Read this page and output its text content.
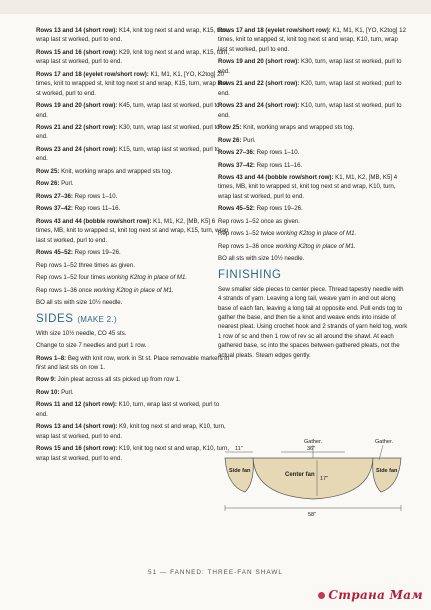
Rows 13 and 14 (short row): K14, knit tog next st and wrap, K15, turn, wrap last st worked, purl to end.
Rows 15 and 16 (short row): K29, knit tog next st and wrap, K15, turn, wrap last st worked, purl to end.
Rows 17 and 18 (eyelet row/short row): K1, M1, K1, [YO, K2tog] 20 times, knit to wrapped st, knit tog next st and wrap, K15, turn, wrap last st worked, purl to end.
Rows 19 and 20 (short row): K45, turn, wrap last st worked, purl to end.
Rows 21 and 22 (short row): K30, turn, wrap last st worked, purl to end.
Rows 23 and 24 (short row): K15, turn, wrap last st worked, purl to end.
Row 25: Knit, working wraps and wrapped sts tog.
Row 26: Purl.
Rows 27–36: Rep rows 1–10.
Rows 37–42: Rep rows 11–16.
Rows 43 and 44 (bobble row/short row): K1, M1, K2, [MB, K5] 6 times, MB, knit to wrapped st, knit tog next st and wrap, K15, turn, wrap last st worked, purl to end.
Rows 45–52: Rep rows 19–26.
Rep rows 1–52 three times as given.
Rep rows 1–52 four times working K2tog in place of M1.
Rep rows 1–36 once working K2tog in place of M1.
BO all sts with size 10½ needle.
SIDES (MAKE 2.)
With size 10½ needle, CO 45 sts.
Change to size 7 needles and purl 1 row.
Rows 1–8: Beg with knit row, work in St st. Place removable markers in first and last sts on row 1.
Row 9: Join pleat across all sts picked up from row 1.
Row 10: Purl.
Rows 11 and 12 (short row): K10, turn, wrap last st worked, purl to end.
Rows 13 and 14 (short row): K9, knit tog next st and wrap, K10, turn, wrap last st worked, purl to end.
Rows 15 and 16 (short row): K19, knit tog next st and wrap, K10, turn, wrap last st worked, purl to end.
Rows 17 and 18 (eyelet row/short row): K1, M1, K1, [YO, K2tog] 12 times, knit to wrapped st, knit tog next st and wrap, K10, turn, wrap last st worked, purl to end.
Rows 19 and 20 (short row): K30, turn, wrap last st worked, purl to end.
Rows 21 and 22 (short row): K20, turn, wrap last st worked, purl to end.
Rows 23 and 24 (short row): K10, turn, wrap last st worked, purl to end.
Row 25: Knit, working wraps and wrapped sts tog.
Row 26: Purl.
Rows 27–36: Rep rows 1–10.
Rows 37–42: Rep rows 11–16.
Rows 43 and 44 (bobble row/short row): K1, M1, K2, [MB, K5] 4 times, MB, knit to wrapped st, knit tog next st and wrap, K10, turn, wrap last st worked, purl to end.
Rows 45–52: Rep rows 19–26.
Rep rows 1–52 once as given.
Rep rows 1–52 twice working K2tog in place of M1.
Rep rows 1–36 once working K2tog in place of M1.
BO all sts with size 10½ needle.
FINISHING
Sew smaller side pieces to center piece. Thread tapestry needle with 4 strands of yarn. Leaving a long tail, weave yarn in and out along base of each fan, leaving a long tail at opposite end. Pull ends tog to gather the base, and then tie a knot and weave ends into inside of nearest pleat. Using crochet hook and 2 strands of yarn held tog, work 1 row of sc and then 1 row of rev sc all around the shawl. At each gathered base, sc into the spaces between gathered pleats, not the actual pleats. Steam edges gently.
Gather.	Gather.
11"	36"
17"
58"
Center fan
Side fan	Side fan
51 — FANNED: THREE-FAN SHAWL
Страна Мам
